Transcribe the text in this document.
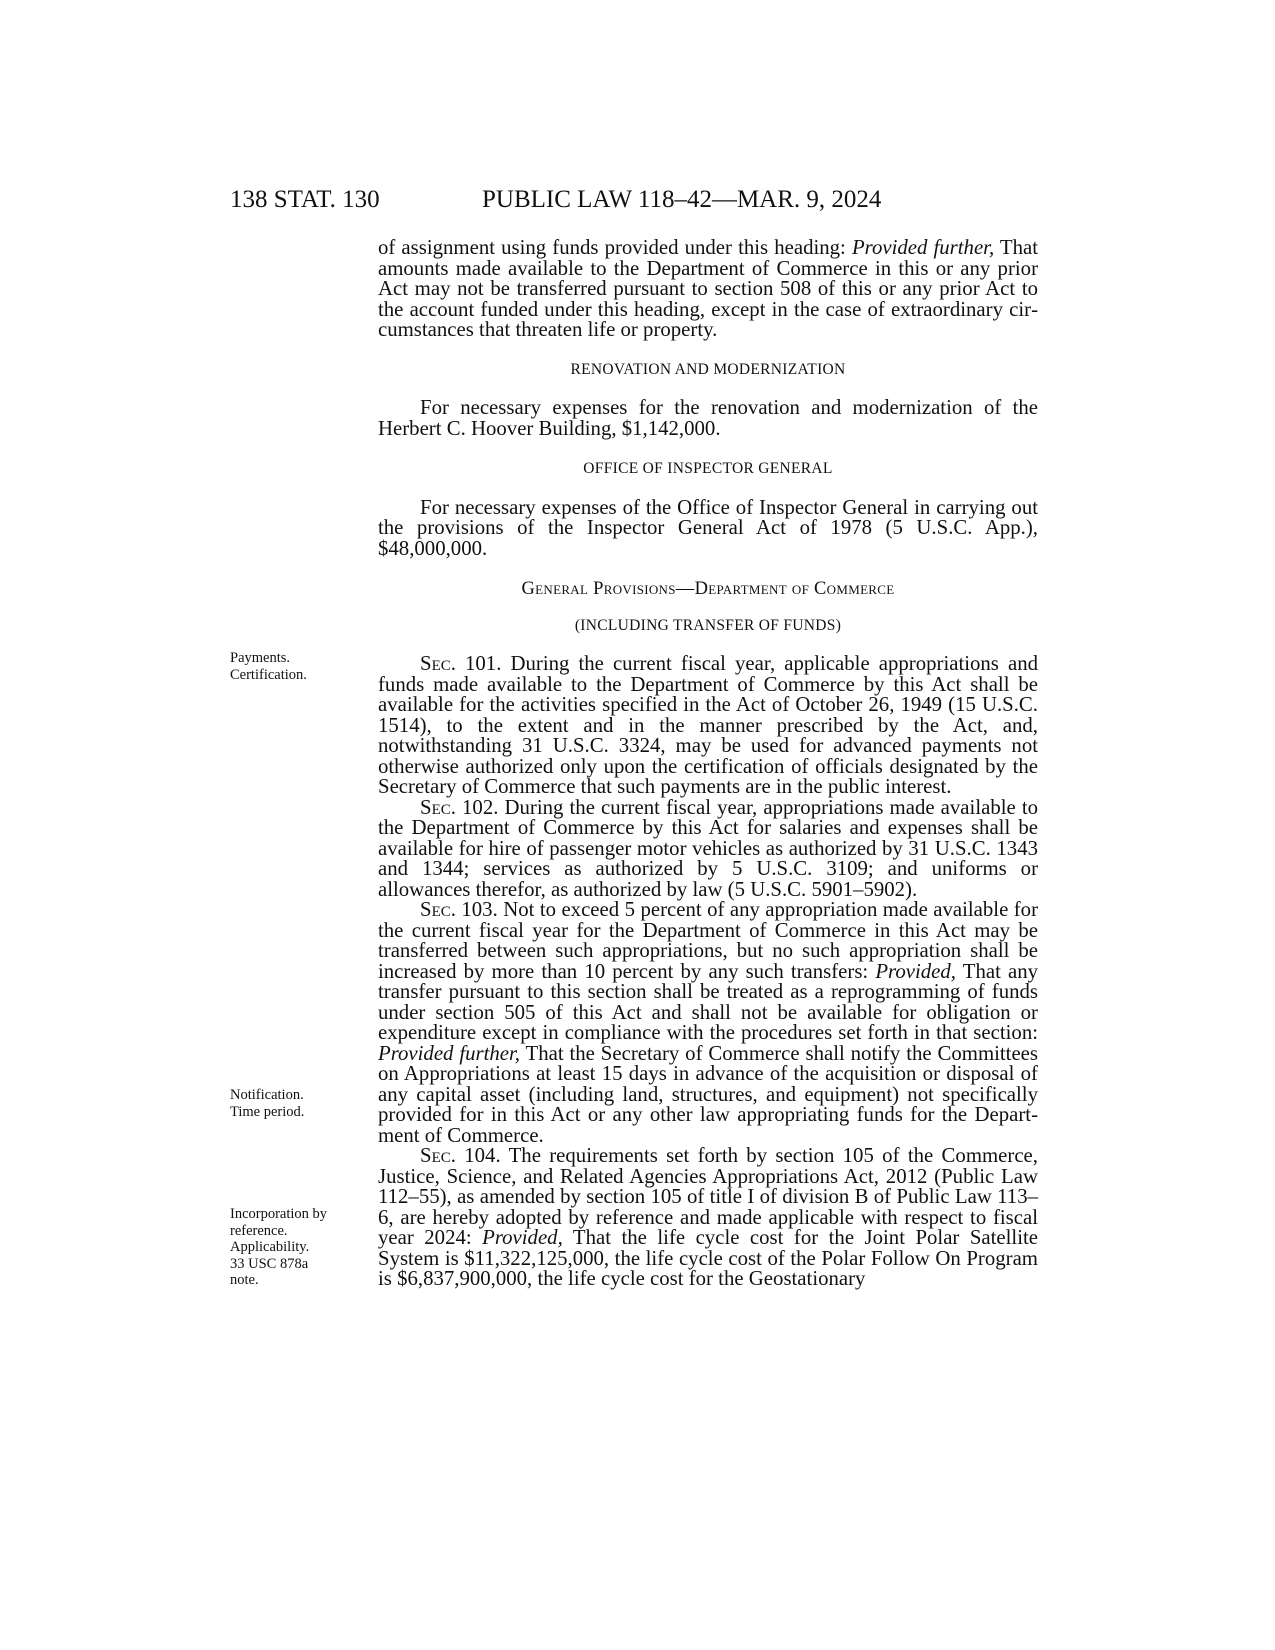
138 STAT. 130	PUBLIC LAW 118–42—MAR. 9, 2024
Payments.
Certification.
Notification.
Time period.
Incorporation by
reference.
Applicability.
33 USC 878a
note.

of assignment using funds provided under this heading: Provided further, That amounts made available to the Department of Commerce in this or any prior Act may not be transferred pursuant to section 508 of this or any prior Act to the account funded under this heading, except in the case of extraordinary circumstances that threaten life or property.

RENOVATION AND MODERNIZATION

For necessary expenses for the renovation and modernization of the Herbert C. Hoover Building, $1,142,000.

OFFICE OF INSPECTOR GENERAL

For necessary expenses of the Office of Inspector General in carrying out the provisions of the Inspector General Act of 1978 (5 U.S.C. App.), $48,000,000.

General Provisions—Department of Commerce

(INCLUDING TRANSFER OF FUNDS)

Sec. 101. During the current fiscal year, applicable appropriations and funds made available to the Department of Commerce by this Act shall be available for the activities specified in the Act of October 26, 1949 (15 U.S.C. 1514), to the extent and in the manner prescribed by the Act, and, notwithstanding 31 U.S.C. 3324, may be used for advanced payments not otherwise authorized only upon the certification of officials designated by the Secretary of Commerce that such payments are in the public interest.

Sec. 102. During the current fiscal year, appropriations made available to the Department of Commerce by this Act for salaries and expenses shall be available for hire of passenger motor vehicles as authorized by 31 U.S.C. 1343 and 1344; services as authorized by 5 U.S.C. 3109; and uniforms or allowances therefor, as authorized by law (5 U.S.C. 5901–5902).

Sec. 103. Not to exceed 5 percent of any appropriation made available for the current fiscal year for the Department of Commerce in this Act may be transferred between such appropriations, but no such appropriation shall be increased by more than 10 percent by any such transfers: Provided, That any transfer pursuant to this section shall be treated as a reprogramming of funds under section 505 of this Act and shall not be available for obligation or expenditure except in compliance with the procedures set forth in that section: Provided further, That the Secretary of Commerce shall notify the Committees on Appropriations at least 15 days in advance of the acquisition or disposal of any capital asset (including land, structures, and equipment) not specifically provided for in this Act or any other law appropriating funds for the Department of Commerce.

Sec. 104. The requirements set forth by section 105 of the Commerce, Justice, Science, and Related Agencies Appropriations Act, 2012 (Public Law 112–55), as amended by section 105 of title I of division B of Public Law 113–6, are hereby adopted by reference and made applicable with respect to fiscal year 2024: Provided, That the life cycle cost for the Joint Polar Satellite System is $11,322,125,000, the life cycle cost of the Polar Follow On Program is $6,837,900,000, the life cycle cost for the Geostationary
